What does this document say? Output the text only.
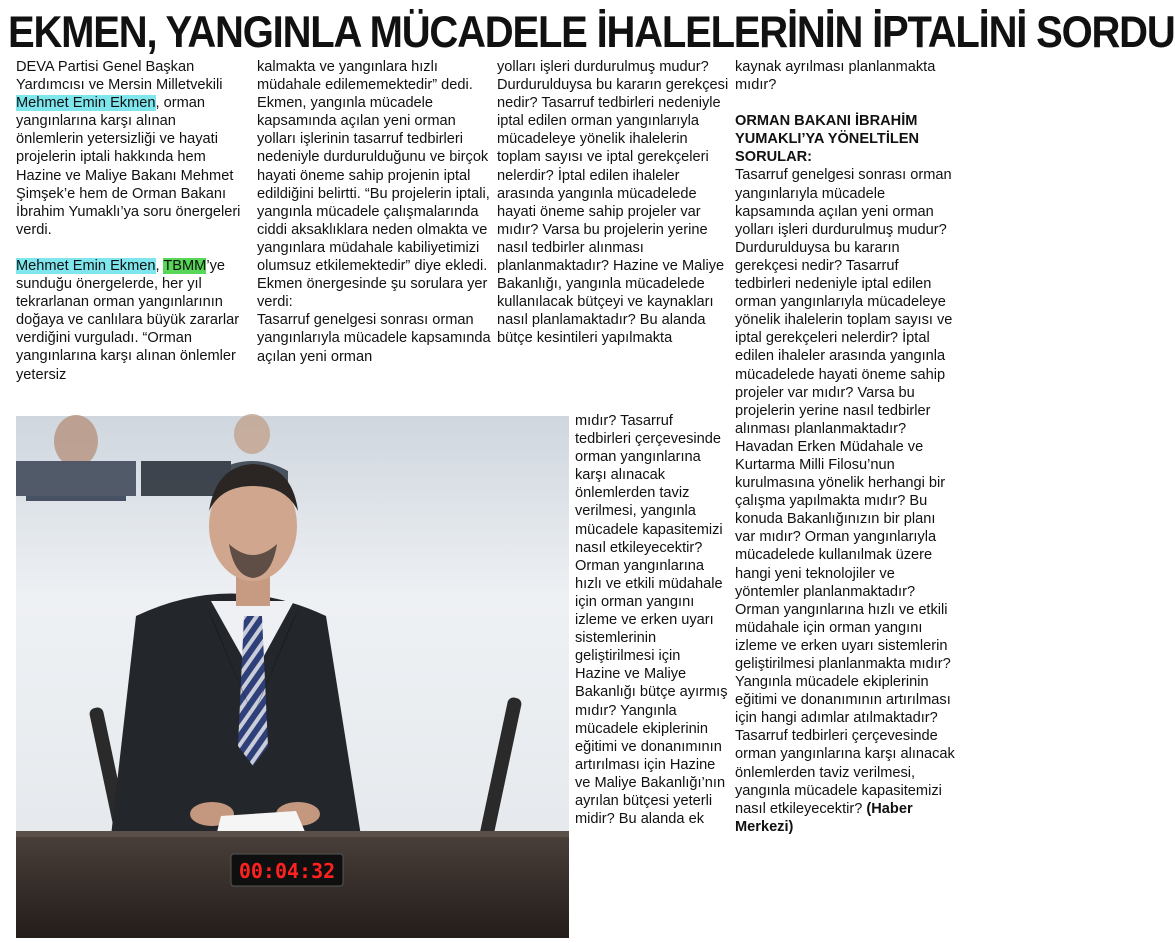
EKMEN, YANGINLA MÜCADELE İHALELERİNİN İPTALİNİ SORDU

DEVA Partisi Genel Başkan Yardımcısı ve Mersin Milletvekili Mehmet Emin Ekmen, orman yangınlarına karşı alınan önlemlerin yetersizliği ve hayati projelerin iptali hakkında hem Hazine ve Maliye Bakanı Mehmet Şimşek’e hem de Orman Bakanı İbrahim Yumaklı’ya soru önergeleri verdi.

Mehmet Emin Ekmen, TBMM’ye sunduğu önergelerde, her yıl tekrarlanan orman yangınlarının doğaya ve canlılara büyük zararlar verdiğini vurguladı. “Orman yangınlarına karşı alınan önlemler yetersiz

kalmakta ve yangınlara hızlı müdahale edilememektedir” dedi. Ekmen, yangınla mücadele kapsamında açılan yeni orman yolları işlerinin tasarruf tedbirleri nedeniyle durdurulduğunu ve birçok hayati öneme sahip projenin iptal edildiğini belirtti. “Bu projelerin iptali, yangınla mücadele çalışmalarında ciddi aksaklıklara neden olmakta ve yangınlara müdahale kabiliyetimizi olumsuz etkilemektedir” diye ekledi. Ekmen önergesinde şu sorulara yer verdi:

Tasarruf genelgesi sonrası orman yangınlarıyla mücadele kapsamında açılan yeni orman

yolları işleri durdurulmuş mudur? Durdurulduysa bu kararın gerekçesi nedir? Tasarruf tedbirleri nedeniyle iptal edilen orman yangınlarıyla mücadeleye yönelik ihalelerin toplam sayısı ve iptal gerekçeleri nelerdir? İptal edilen ihaleler arasında yangınla mücadelede hayati öneme sahip projeler var mıdır? Varsa bu projelerin yerine nasıl tedbirler alınması planlanmaktadır? Hazine ve Maliye Bakanlığı, yangınla mücadelede kullanılacak bütçeyi ve kaynakları nasıl planlamaktadır? Bu alanda bütçe kesintileri yapılmakta

mıdır? Tasarruf tedbirleri çerçevesinde orman yangınlarına karşı alınacak önlemlerden taviz verilmesi, yangınla mücadele kapasitemizi nasıl etkileyecektir? Orman yangınlarına hızlı ve etkili müdahale için orman yangını izleme ve erken uyarı sistemlerinin geliştirilmesi için Hazine ve Maliye Bakanlığı bütçe ayırmış mıdır? Yangınla mücadele ekiplerinin eğitimi ve donanımının artırılması için Hazine ve Maliye Bakanlığı’nın ayrılan bütçesi yeterli midir? Bu alanda ek

kaynak ayrılması planlanmakta mıdır?

ORMAN BAKANI İBRAHİM YUMAKLI’YA YÖNELTİLEN SORULAR:

Tasarruf genelgesi sonrası orman yangınlarıyla mücadele kapsamında açılan yeni orman yolları işleri durdurulmuş mudur? Durdurulduysa bu kararın gerekçesi nedir? Tasarruf tedbirleri nedeniyle iptal edilen orman yangınlarıyla mücadeleye yönelik ihalelerin toplam sayısı ve iptal gerekçeleri nelerdir? İptal edilen ihaleler arasında yangınla mücadelede hayati öneme sahip projeler var mıdır? Varsa bu projelerin yerine nasıl tedbirler alınması planlanmaktadır? Havadan Erken Müdahale ve Kurtarma Milli Filosu’nun kurulmasına yönelik herhangi bir çalışma yapılmakta mıdır? Bu konuda Bakanlığınızın bir planı var mıdır? Orman yangınlarıyla mücadelede kullanılmak üzere hangi yeni teknolojiler ve yöntemler planlanmaktadır? Orman yangınlarına hızlı ve etkili müdahale için orman yangını izleme ve erken uyarı sistemlerin geliştirilmesi planlanmakta mıdır? Yangınla mücadele ekiplerinin eğitimi ve donanımının artırılması için hangi adımlar atılmaktadır? Tasarruf tedbirleri çerçevesinde orman yangınlarına karşı alınacak önlemlerden taviz verilmesi, yangınla mücadele kapasitemizi nasıl etkileyecektir? (Haber Merkezi)

00:04:32
